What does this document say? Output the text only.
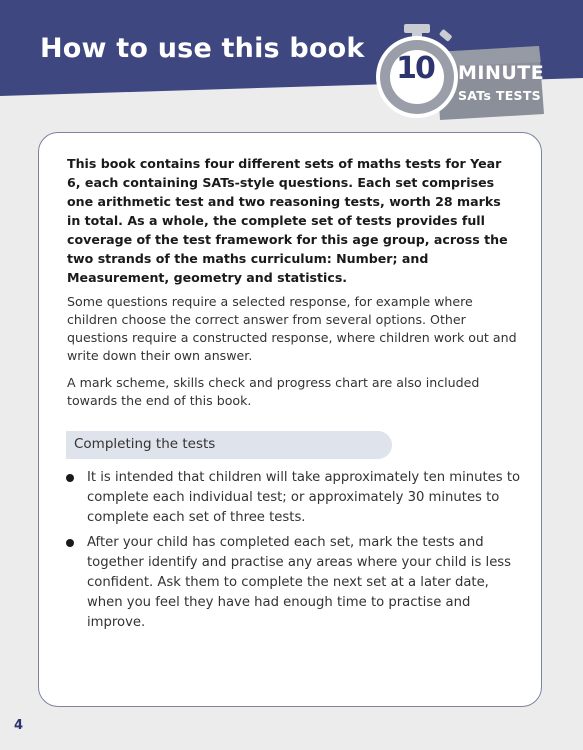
How to use this book
10 MINUTE
SATs TESTS

This book contains four different sets of maths tests for Year 6, each containing SATs-style questions. Each set comprises one arithmetic test and two reasoning tests, worth 28 marks in total. As a whole, the complete set of tests provides full coverage of the test framework for this age group, across the two strands of the maths curriculum: Number; and Measurement, geometry and statistics.

Some questions require a selected response, for example where children choose the correct answer from several options. Other questions require a constructed response, where children work out and write down their own answer.

A mark scheme, skills check and progress chart are also included towards the end of this book.

Completing the tests

It is intended that children will take approximately ten minutes to complete each individual test; or approximately 30 minutes to complete each set of three tests.

After your child has completed each set, mark the tests and together identify and practise any areas where your child is less confident. Ask them to complete the next set at a later date, when you feel they have had enough time to practise and improve.

4
